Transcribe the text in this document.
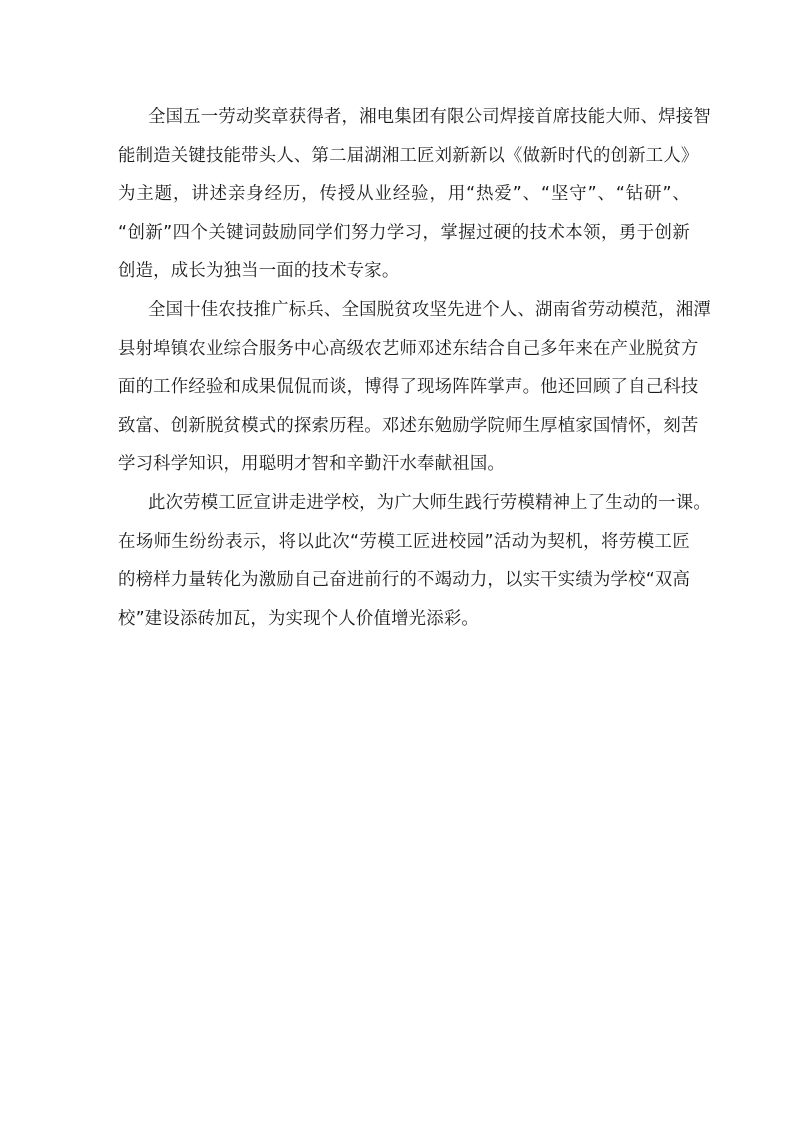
全国五一劳动奖章获得者，湘电集团有限公司焊接首席技能大师、焊接智
能制造关键技能带头人、第二届湖湘工匠刘新新以《做新时代的创新工人》
为主题，讲述亲身经历，传授从业经验，用“热爱”、“坚守”、“钻研”、
“创新”四个关键词鼓励同学们努力学习，掌握过硬的技术本领，勇于创新
创造，成长为独当一面的技术专家。
全国十佳农技推广标兵、全国脱贫攻坚先进个人、湖南省劳动模范，湘潭
县射埠镇农业综合服务中心高级农艺师邓述东结合自己多年来在产业脱贫方
面的工作经验和成果侃侃而谈，博得了现场阵阵掌声。他还回顾了自己科技
致富、创新脱贫模式的探索历程。邓述东勉励学院师生厚植家国情怀，刻苦
学习科学知识，用聪明才智和辛勤汗水奉献祖国。
此次劳模工匠宣讲走进学校，为广大师生践行劳模精神上了生动的一课。
在场师生纷纷表示，将以此次“劳模工匠进校园”活动为契机，将劳模工匠
的榜样力量转化为激励自己奋进前行的不竭动力，以实干实绩为学校“双高
校”建设添砖加瓦，为实现个人价值增光添彩。
